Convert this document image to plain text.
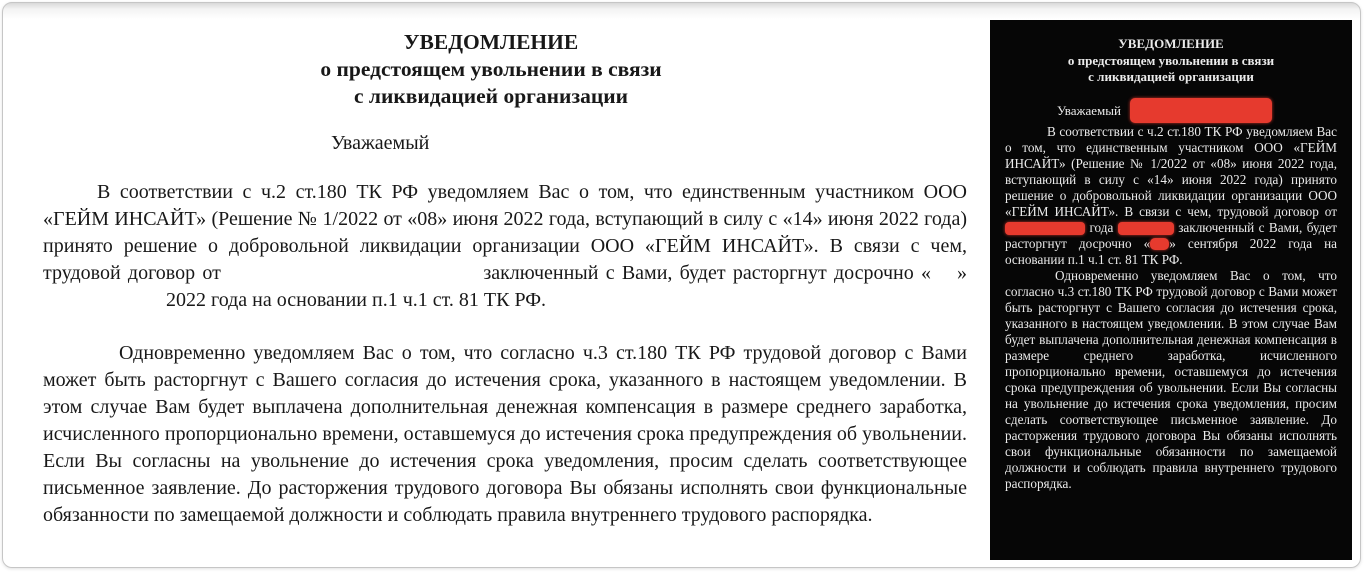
УВЕДОМЛЕНИЕ
о предстоящем увольнении в связи
с ликвидацией организации
Уважаемый

В соответствии с ч.2 ст.180 ТК РФ уведомляем Вас о том, что единственным участником ООО «ГЕЙМ ИНСАЙТ» (Решение № 1/2022 от «08» июня 2022 года, вступающий в силу с «14» июня 2022 года) принято решение о добровольной ликвидации организации ООО «ГЕЙМ ИНСАЙТ». В связи с чем, трудовой договор от	заключенный с Вами, будет расторгнут досрочно « »  2022 года на основании п.1 ч.1 ст. 81 ТК РФ.

Одновременно уведомляем Вас о том, что согласно ч.3 ст.180 ТК РФ трудовой договор с Вами может быть расторгнут с Вашего согласия до истечения срока, указанного в настоящем уведомлении. В этом случае Вам будет выплачена дополнительная денежная компенсация в размере среднего заработка, исчисленного пропорционально времени, оставшемуся до истечения срока предупреждения об увольнении. Если Вы согласны на увольнение до истечения срока уведомления, просим сделать соответствующее письменное заявление. До расторжения трудового договора Вы обязаны исполнять свои функциональные обязанности по замещаемой должности и соблюдать правила внутреннего трудового распорядка.

УВЕДОМЛЕНИЕ
о предстоящем увольнении в связи
с ликвидацией организации
Уважаемый

В соответствии с ч.2 ст.180 ТК РФ уведомляем Вас о том, что единственным участником ООО «ГЕЙМ ИНСАЙТ» (Решение № 1/2022 от «08» июня 2022 года, вступающий в силу с «14» июня 2022 года) принято решение о добровольной ликвидации организации ООО «ГЕЙМ ИНСАЙТ». В связи с чем, трудовой договор от  года	заключенный с Вами, будет расторгнут досрочно « » сентября 2022 года на основании п.1 ч.1 ст. 81 ТК РФ.

Одновременно уведомляем Вас о том, что согласно ч.3 ст.180 ТК РФ трудовой договор с Вами может быть расторгнут с Вашего согласия до истечения срока, указанного в настоящем уведомлении. В этом случае Вам будет выплачена дополнительная денежная компенсация в размере среднего заработка, исчисленного пропорционально времени, оставшемуся до истечения срока предупреждения об увольнении. Если Вы согласны на увольнение до истечения срока уведомления, просим сделать соответствующее письменное заявление. До расторжения трудового договора Вы обязаны исполнять свои функциональные обязанности по замещаемой должности и соблюдать правила внутреннего трудового распорядка.
